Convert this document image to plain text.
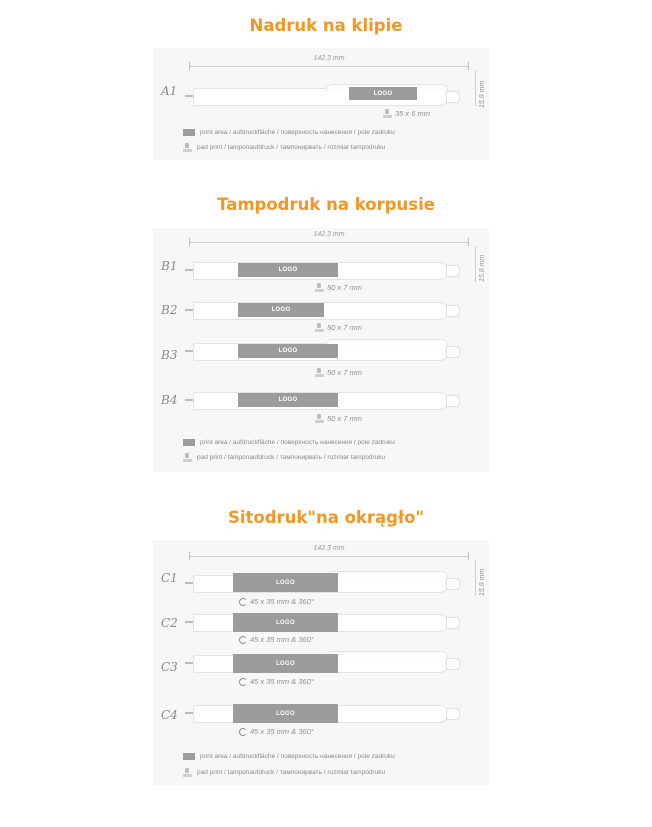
Nadruk na klipie
142.3 mm
15.8 mm
A1	LOGO
35 x 6 mm
print area / aufdruckfläche / поверхность нанесения / pole zadruku
pad print / tamponaufdruck / тампонирвать / rozmiar tampodruku
Tampodruk na korpusie
142.3 mm
15.8 mm
B1	LOGO
50 x 7 mm
B2	LOGO
50 x 7 mm
B3	LOGO
50 x 7 mm
B4	LOGO
50 x 7 mm
print area / aufdruckfläche / поверхность нанесения / pole zadruku
pad print / tamponaufdruck / тампонирвать / rozmiar tampodruku
Sitodruk"na okrągło"
142.3 mm
15.8 mm
C1	LOGO
45 x 35 mm & 360°
C2	LOGO
45 x 35 mm & 360°
C3	LOGO
45 x 35 mm & 360°
C4	LOGO
45 x 35 mm & 360°
print area / aufdruckfläche / поверхность нанесения / pole zadruku
pad print / tamponaufdruck / тампонирвать / rozmiar tampodruku
